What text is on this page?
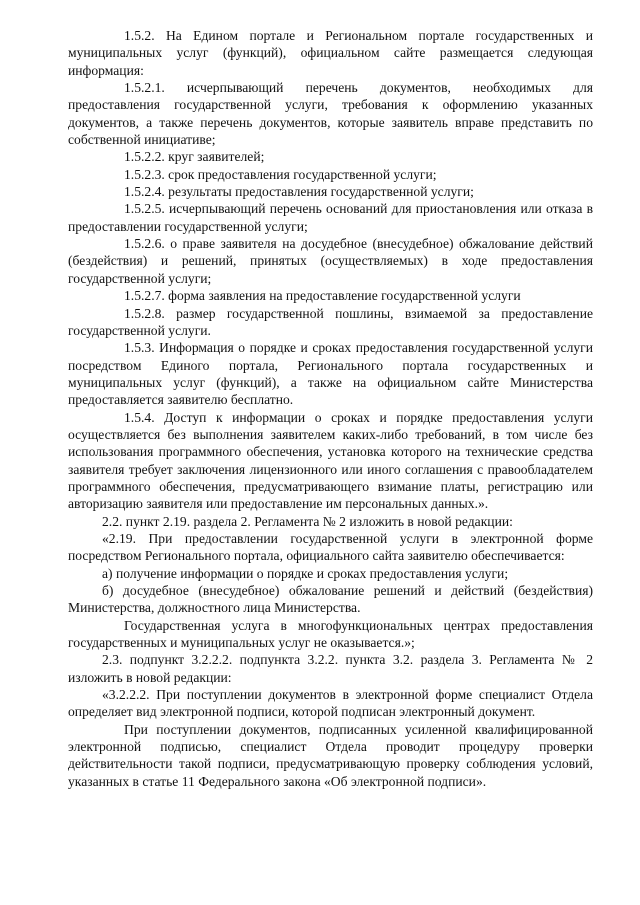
1.5.2. На Едином портале и Региональном портале государственных и муниципальных услуг (функций), официальном сайте размещается следующая информация:

1.5.2.1. исчерпывающий перечень документов, необходимых для предоставления государственной услуги, требования к оформлению указанных документов, а также перечень документов, которые заявитель вправе представить по собственной инициативе;

1.5.2.2. круг заявителей;

1.5.2.3. срок предоставления государственной услуги;

1.5.2.4. результаты предоставления государственной услуги;

1.5.2.5. исчерпывающий перечень оснований для приостановления или отказа в предоставлении государственной услуги;

1.5.2.6. о праве заявителя на досудебное (внесудебное) обжалование действий (бездействия) и решений, принятых (осуществляемых) в ходе предоставления государственной услуги;

1.5.2.7. форма заявления на предоставление государственной услуги

1.5.2.8. размер государственной пошлины, взимаемой за предоставление государственной услуги.

1.5.3. Информация о порядке и сроках предоставления государственной услуги посредством Единого портала, Регионального портала государственных и муниципальных услуг (функций), а также на официальном сайте Министерства предоставляется заявителю бесплатно.

1.5.4. Доступ к информации о сроках и порядке предоставления услуги осуществляется без выполнения заявителем каких-либо требований, в том числе без использования программного обеспечения, установка которого на технические средства заявителя требует заключения лицензионного или иного соглашения с правообладателем программного обеспечения, предусматривающего взимание платы, регистрацию или авторизацию заявителя или предоставление им персональных данных.».

2.2. пункт 2.19. раздела 2. Регламента № 2 изложить в новой редакции:

«2.19. При предоставлении государственной услуги в электронной форме посредством Регионального портала, официального сайта заявителю обеспечивается:

а) получение информации о порядке и сроках предоставления услуги;

б) досудебное (внесудебное) обжалование решений и действий (бездействия) Министерства, должностного лица Министерства.

Государственная услуга в многофункциональных центрах предоставления государственных и муниципальных услуг не оказывается.»;

2.3. подпункт 3.2.2.2. подпункта 3.2.2. пункта 3.2. раздела 3. Регламента № 2 изложить в новой редакции:

«3.2.2.2. При поступлении документов в электронной форме специалист Отдела определяет вид электронной подписи, которой подписан электронный документ.

При поступлении документов, подписанных усиленной квалифицированной электронной подписью, специалист Отдела проводит процедуру проверки действительности такой подписи, предусматривающую проверку соблюдения условий, указанных в статье 11 Федерального закона «Об электронной подписи».
